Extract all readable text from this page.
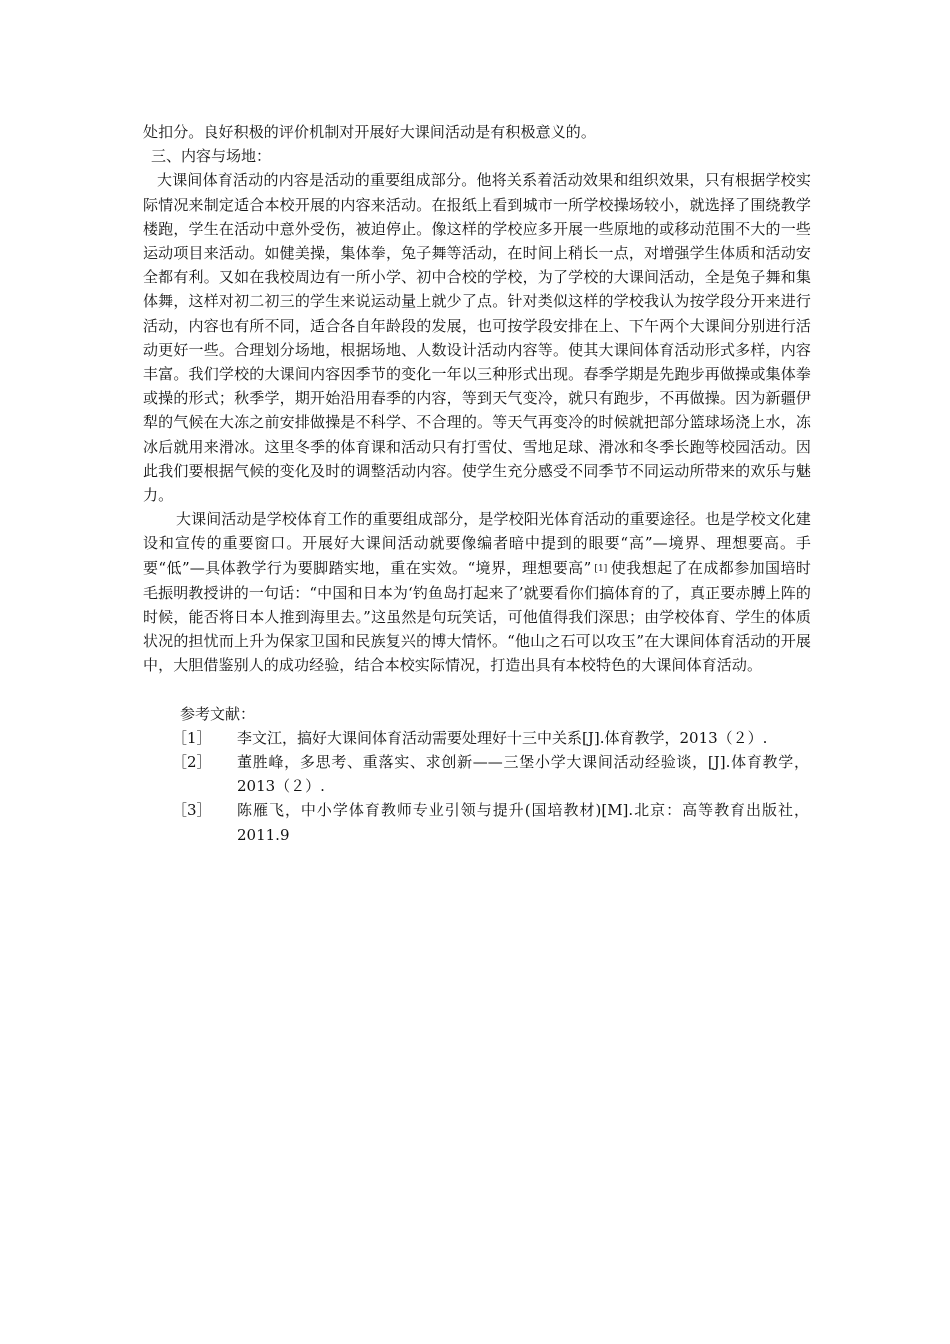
处扣分。良好积极的评价机制对开展好大课间活动是有积极意义的。

三、内容与场地：

大课间体育活动的内容是活动的重要组成部分。他将关系着活动效果和组织效果，只有根据学校实际情况来制定适合本校开展的内容来活动。在报纸上看到城市一所学校操场较小，就选择了围绕教学楼跑，学生在活动中意外受伤，被迫停止。像这样的学校应多开展一些原地的或移动范围不大的一些运动项目来活动。如健美操，集体拳，兔子舞等活动，在时间上稍长一点，对增强学生体质和活动安全都有利。又如在我校周边有一所小学、初中合校的学校，为了学校的大课间活动，全是兔子舞和集体舞，这样对初二初三的学生来说运动量上就少了点。针对类似这样的学校我认为按学段分开来进行活动，内容也有所不同，适合各自年龄段的发展，也可按学段安排在上、下午两个大课间分别进行活动更好一些。合理划分场地，根据场地、人数设计活动内容等。使其大课间体育活动形式多样，内容丰富。我们学校的大课间内容因季节的变化一年以三种形式出现。春季学期是先跑步再做操或集体拳或操的形式；秋季学，期开始沿用春季的内容，等到天气变冷，就只有跑步，不再做操。因为新疆伊犁的气候在大冻之前安排做操是不科学、不合理的。等天气再变冷的时候就把部分篮球场浇上水，冻冰后就用来滑冰。这里冬季的体育课和活动只有打雪仗、雪地足球、滑冰和冬季长跑等校园活动。因此我们要根据气候的变化及时的调整活动内容。使学生充分感受不同季节不同运动所带来的欢乐与魅力。

大课间活动是学校体育工作的重要组成部分，是学校阳光体育活动的重要途径。也是学校文化建设和宣传的重要窗口。开展好大课间活动就要像编者暗中提到的眼要“高”—境界、理想要高。手要“低”—具体教学行为要脚踏实地，重在实效。“境界，理想要高” [1] 使我想起了在成都参加国培时毛振明教授讲的一句话：“中国和日本为‘钓鱼岛打起来了’就要看你们搞体育的了，真正要赤膊上阵的时候，能否将日本人推到海里去。”这虽然是句玩笑话，可他值得我们深思；由学校体育、学生的体质状况的担忧而上升为保家卫国和民族复兴的博大情怀。“他山之石可以攻玉”在大课间体育活动的开展中，大胆借鉴别人的成功经验，结合本校实际情况，打造出具有本校特色的大课间体育活动。

参考文献：

［1］	李文江，搞好大课间体育活动需要处理好十三中关系[J].体育教学，2013（２）.
［2］	董胜峰，多思考、重落实、求创新——三堡小学大课间活动经验谈，[J].体育教学，2013（２）.
［3］	陈雁飞，中小学体育教师专业引领与提升(国培教材)[M].北京：高等教育出版社，2011.9
